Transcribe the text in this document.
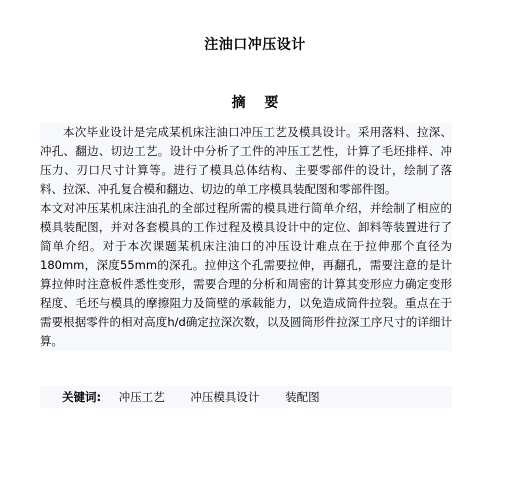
注油口冲压设计
摘 要

本次毕业设计是完成某机床注油口冲压工艺及模具设计。采用落料、拉深、冲孔、翻边、切边工艺。设计中分析了工件的冲压工艺性，计算了毛坯排样、冲压力、刃口尺寸计算等。进行了模具总体结构、主要零部件的设计，绘制了落料、拉深、冲孔复合模和翻边、切边的单工序模具装配图和零部件图。

本文对冲压某机床注油孔的全部过程所需的模具进行简单介绍，并绘制了相应的模具装配图，并对各套模具的工作过程及模具设计中的定位、卸料等装置进行了简单介绍。对于本次课题某机床注油口的冲压设计难点在于拉伸那个直径为180mm，深度55mm的深孔。拉伸这个孔需要拉伸，再翻孔，需要注意的是计算拉伸时注意板件悉性变形，需要合理的分析和周密的计算其变形应力确定变形程度、毛坯与模具的摩擦阻力及筒壁的承载能力，以免造成筒件拉裂。重点在于需要根据零件的相对高度h/d确定拉深次数，以及圆筒形件拉深工序尺寸的详细计算。

关键词: 冲压工艺 冲压模具设计 装配图
